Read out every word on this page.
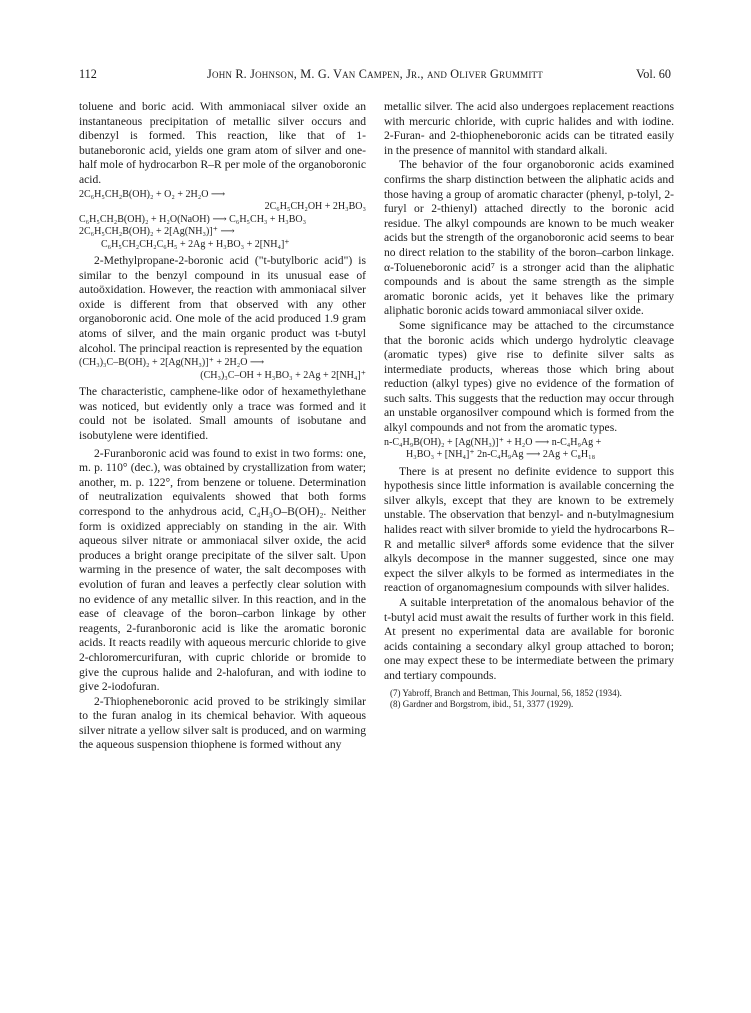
112	John R. Johnson, M. G. Van Campen, Jr., and Oliver Grummitt	Vol. 60

toluene and boric acid. With ammoniacal silver oxide an instantaneous precipitation of metallic silver occurs and dibenzyl is formed. This reaction, like that of 1-butaneboronic acid, yields one gram atom of silver and one-half mole of hydrocarbon R–R per mole of the organoboronic acid.

2C₆H₅CH₂B(OH)₂ + O₂ + 2H₂O ⟶
2C₆H₅CH₂OH + 2H₃BO₃
C₆H₅CH₂B(OH)₂ + H₂O(NaOH) ⟶ C₆H₅CH₃ + H₃BO₃
2C₆H₅CH₂B(OH)₂ + 2[Ag(NH₃)]⁺ ⟶
C₆H₅CH₂CH₂C₆H₅ + 2Ag + H₃BO₃ + 2[NH₄]⁺

2-Methylpropane-2-boronic acid ("t-butylboric acid") is similar to the benzyl compound in its unusual ease of autoöxidation. However, the reaction with ammoniacal silver oxide is different from that observed with any other organoboronic acid. One mole of the acid produced 1.9 gram atoms of silver, and the main organic product was t-butyl alcohol. The principal reaction is represented by the equation

(CH₃)₃C–B(OH)₂ + 2[Ag(NH₃)]⁺ + 2H₂O ⟶
(CH₃)₃C–OH + H₃BO₃ + 2Ag + 2[NH₄]⁺

The characteristic, camphene-like odor of hexamethylethane was noticed, but evidently only a trace was formed and it could not be isolated. Small amounts of isobutane and isobutylene were identified.

2-Furanboronic acid was found to exist in two forms: one, m. p. 110° (dec.), was obtained by crystallization from water; another, m. p. 122°, from benzene or toluene. Determination of neutralization equivalents showed that both forms correspond to the anhydrous acid, C₄H₃O–B(OH)₂. Neither form is oxidized appreciably on standing in the air. With aqueous silver nitrate or ammoniacal silver oxide, the acid produces a bright orange precipitate of the silver salt. Upon warming in the presence of water, the salt decomposes with evolution of furan and leaves a perfectly clear solution with no evidence of any metallic silver. In this reaction, and in the ease of cleavage of the boron–carbon linkage by other reagents, 2-furanboronic acid is like the aromatic boronic acids. It reacts readily with aqueous mercuric chloride to give 2-chloromercurifuran, with cupric chloride or bromide to give the cuprous halide and 2-halofuran, and with iodine to give 2-iodofuran.

2-Thiopheneboronic acid proved to be strikingly similar to the furan analog in its chemical behavior. With aqueous silver nitrate a yellow silver salt is produced, and on warming the aqueous suspension thiophene is formed without any

metallic silver. The acid also undergoes replacement reactions with mercuric chloride, with cupric halides and with iodine. 2-Furan- and 2-thiopheneboronic acids can be titrated easily in the presence of mannitol with standard alkali.

The behavior of the four organoboronic acids examined confirms the sharp distinction between the aliphatic acids and those having a group of aromatic character (phenyl, p-tolyl, 2-furyl or 2-thienyl) attached directly to the boronic acid residue. The alkyl compounds are known to be much weaker acids but the strength of the organoboronic acid seems to bear no direct relation to the stability of the boron–carbon linkage. α-Tolueneboronic acid⁷ is a stronger acid than the aliphatic compounds and is about the same strength as the simple aromatic boronic acids, yet it behaves like the primary aliphatic boronic acids toward ammoniacal silver oxide.

Some significance may be attached to the circumstance that the boronic acids which undergo hydrolytic cleavage (aromatic types) give rise to definite silver salts as intermediate products, whereas those which bring about reduction (alkyl types) give no evidence of the formation of such salts. This suggests that the reduction may occur through an unstable organosilver compound which is formed from the alkyl compounds and not from the aromatic types.

n-C₄H₉B(OH)₂ + [Ag(NH₃)]⁺ + H₂O ⟶ n-C₄H₉Ag +
H₃BO₃ + [NH₄]⁺ 2n-C₄H₉Ag ⟶ 2Ag + C₈H₁₈

There is at present no definite evidence to support this hypothesis since little information is available concerning the silver alkyls, except that they are known to be extremely unstable. The observation that benzyl- and n-butylmagnesium halides react with silver bromide to yield the hydrocarbons R–R and metallic silver⁸ affords some evidence that the silver alkyls decompose in the manner suggested, since one may expect the silver alkyls to be formed as intermediates in the reaction of organomagnesium compounds with silver halides.

A suitable interpretation of the anomalous behavior of the t-butyl acid must await the results of further work in this field. At present no experimental data are available for boronic acids containing a secondary alkyl group attached to boron; one may expect these to be intermediate between the primary and tertiary compounds.

(7) Yabroff, Branch and Bettman, This Journal, 56, 1852 (1934).
(8) Gardner and Borgstrom, ibid., 51, 3377 (1929).
